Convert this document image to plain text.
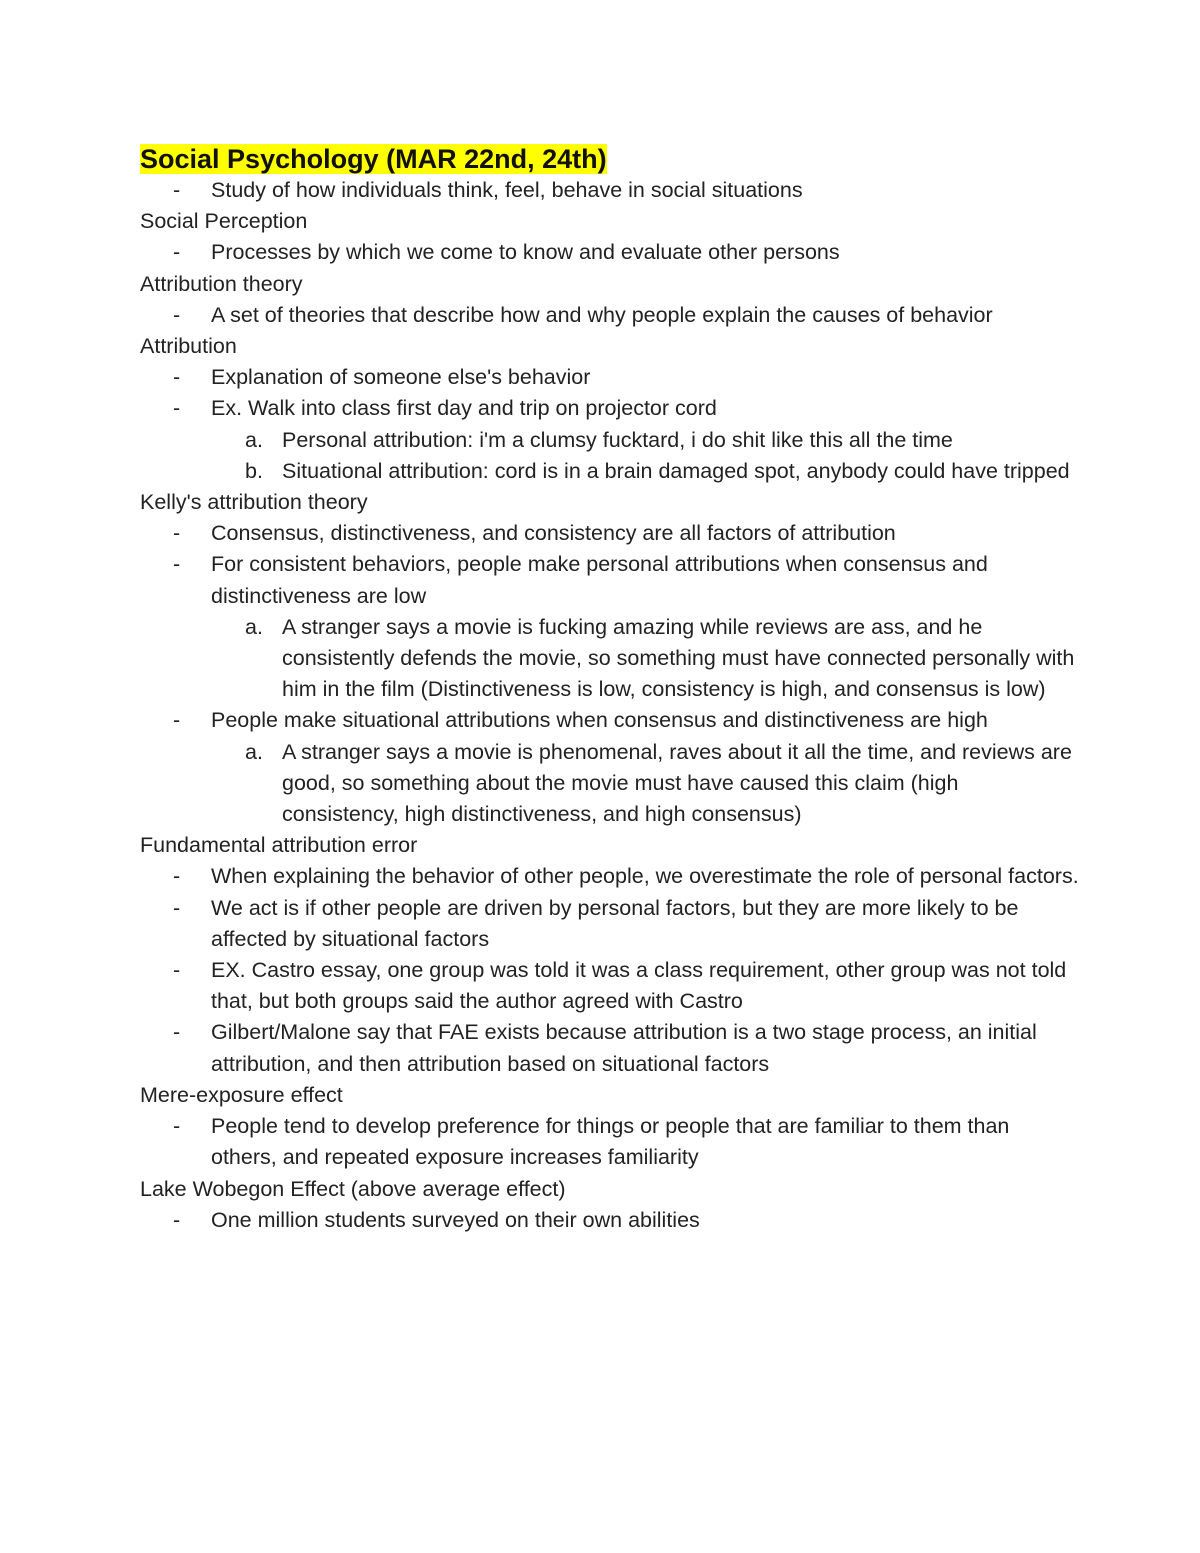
Social Psychology (MAR 22nd, 24th)
- Study of how individuals think, feel, behave in social situations
Social Perception
- Processes by which we come to know and evaluate other persons
Attribution theory
- A set of theories that describe how and why people explain the causes of behavior
Attribution
- Explanation of someone else's behavior
- Ex. Walk into class first day and trip on projector cord
a. Personal attribution: i'm a clumsy fucktard, i do shit like this all the time
b. Situational attribution: cord is in a brain damaged spot, anybody could have tripped
Kelly's attribution theory
- Consensus, distinctiveness, and consistency are all factors of attribution
- For consistent behaviors, people make personal attributions when consensus and distinctiveness are low
a. A stranger says a movie is fucking amazing while reviews are ass, and he consistently defends the movie, so something must have connected personally with him in the film (Distinctiveness is low, consistency is high, and consensus is low)
- People make situational attributions when consensus and distinctiveness are high
a. A stranger says a movie is phenomenal, raves about it all the time, and reviews are good, so something about the movie must have caused this claim (high consistency, high distinctiveness, and high consensus)
Fundamental attribution error
- When explaining the behavior of other people, we overestimate the role of personal factors.
- We act is if other people are driven by personal factors, but they are more likely to be affected by situational factors
- EX. Castro essay, one group was told it was a class requirement, other group was not told that, but both groups said the author agreed with Castro
- Gilbert/Malone say that FAE exists because attribution is a two stage process, an initial attribution, and then attribution based on situational factors
Mere-exposure effect
- People tend to develop preference for things or people that are familiar to them than others, and repeated exposure increases familiarity
Lake Wobegon Effect (above average effect)
- One million students surveyed on their own abilities
